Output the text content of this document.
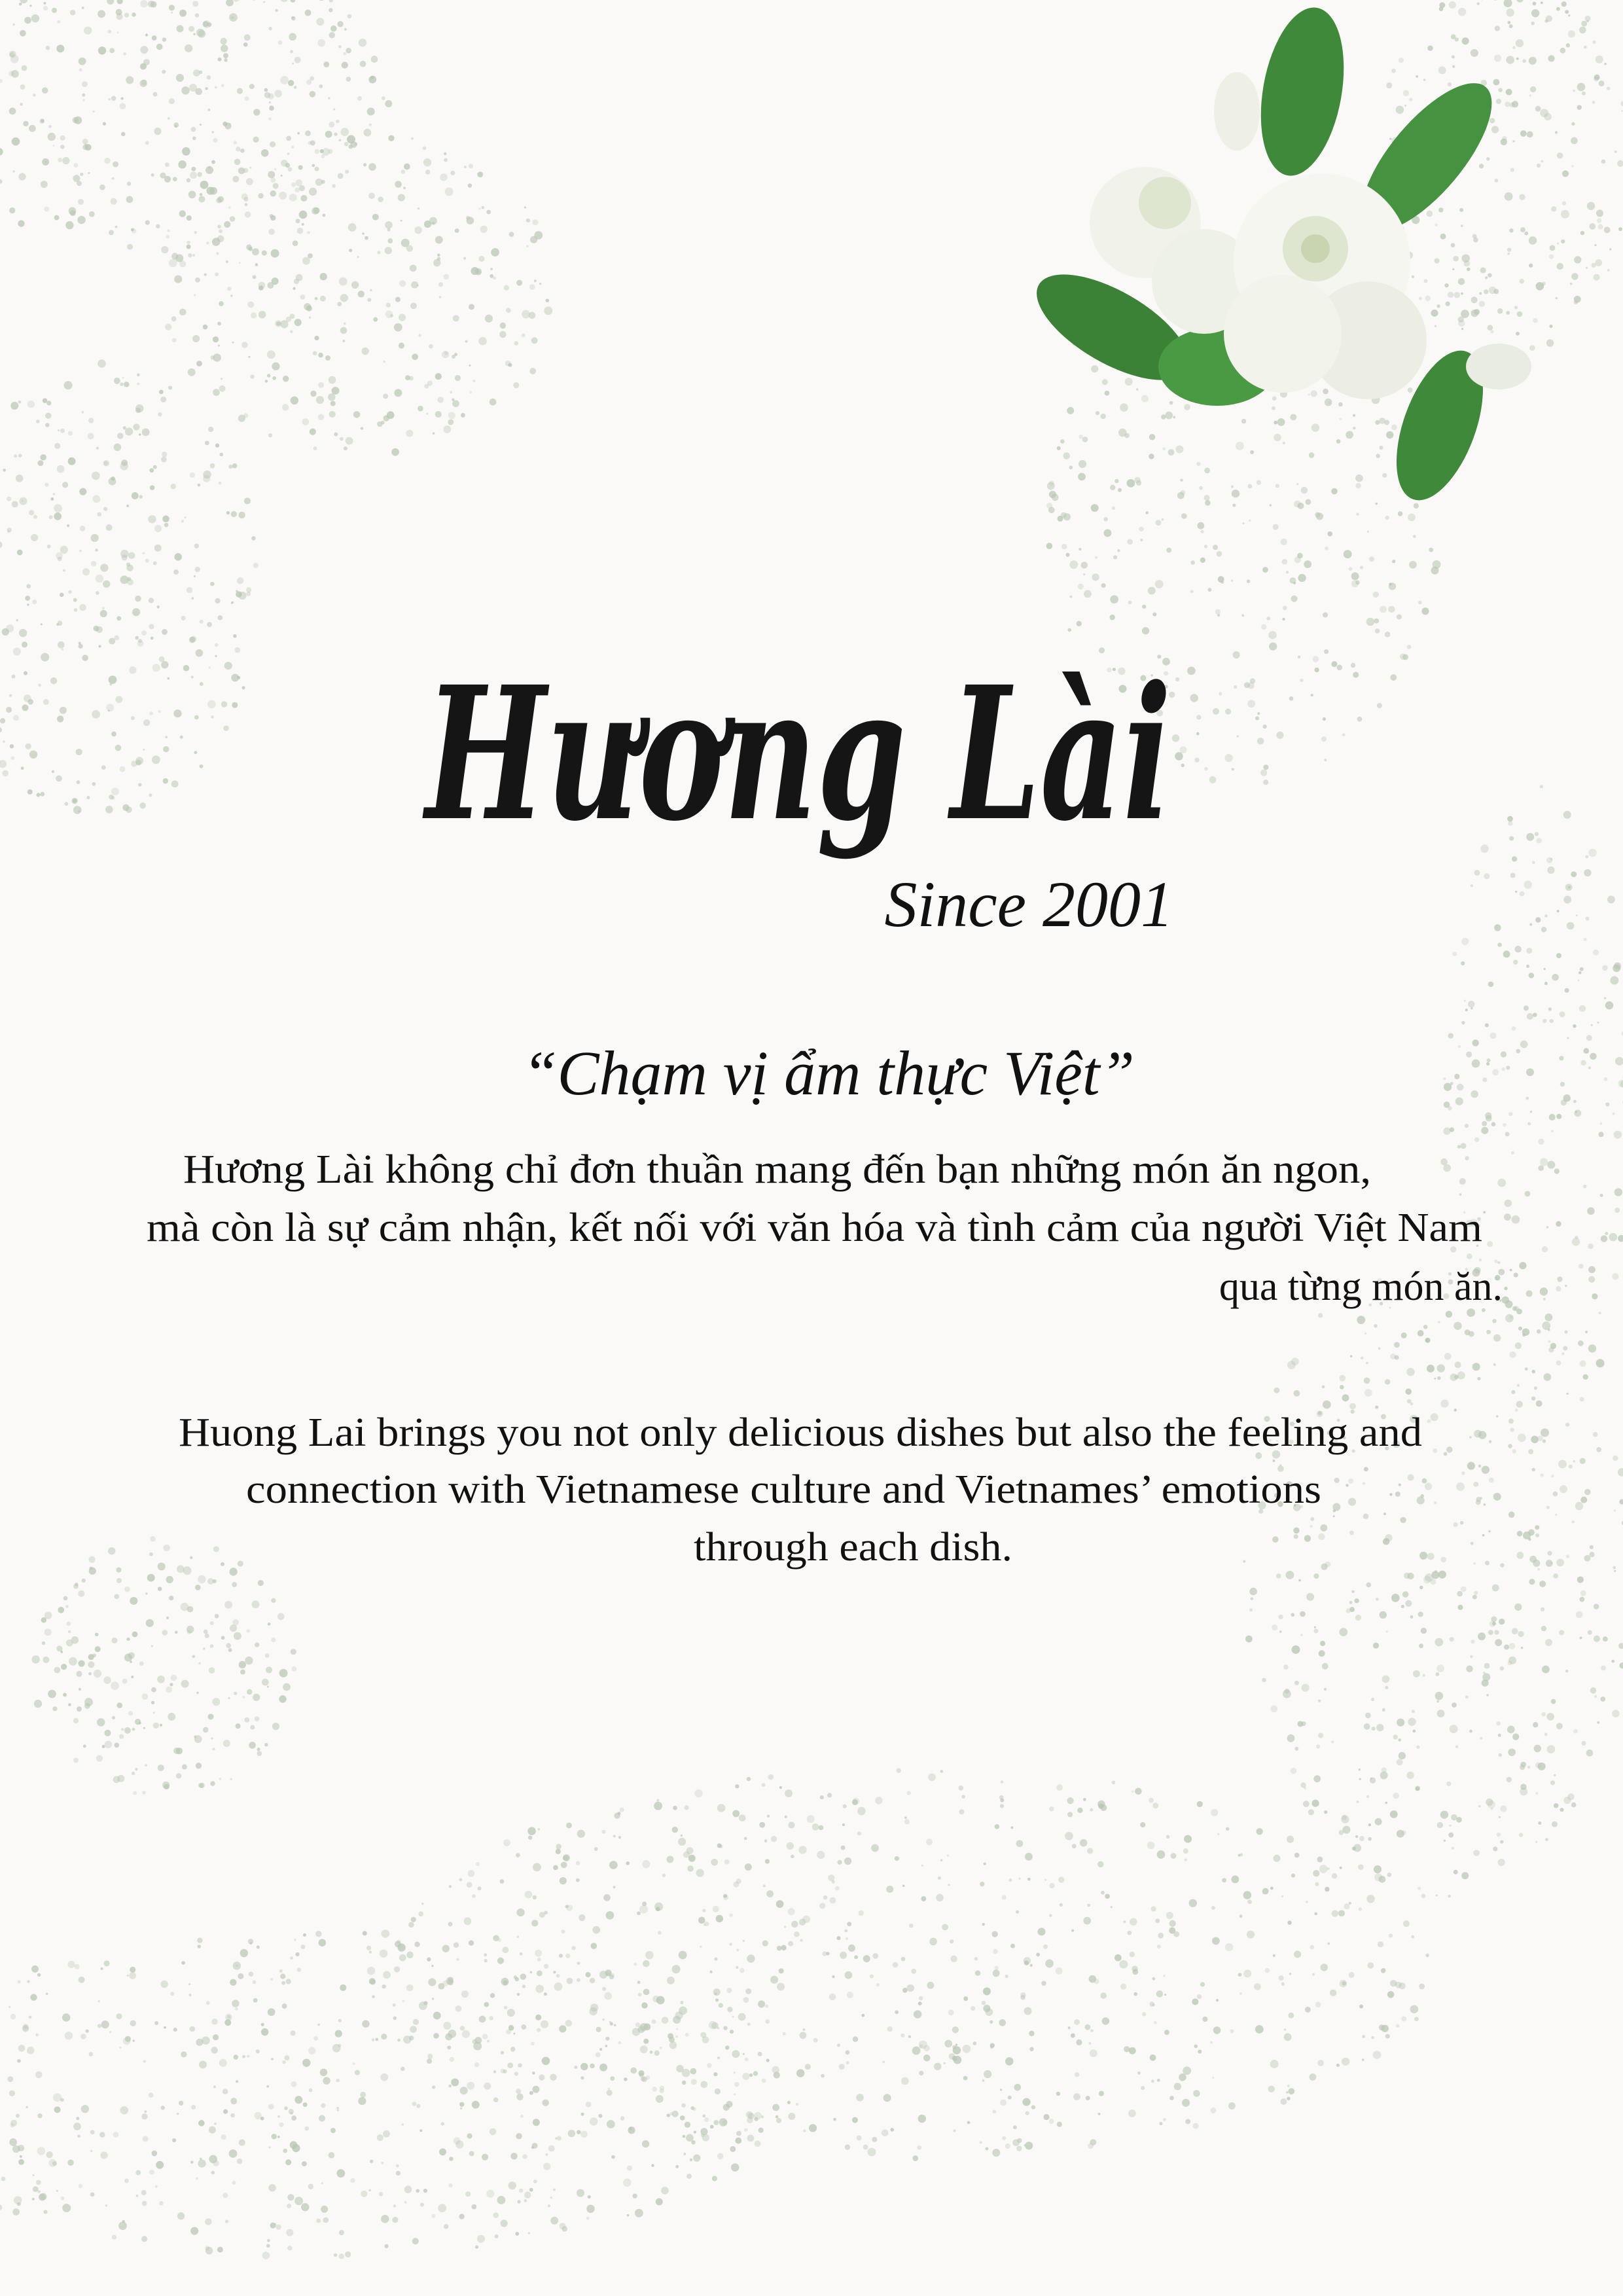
Hương Lài
Since 2001
“Chạm vị ẩm thực Việt”
Hương Lài không chỉ đơn thuần mang đến bạn những món ăn ngon,
mà còn là sự cảm nhận, kết nối với văn hóa và tình cảm của người Việt Nam
qua từng món ăn.
Huong Lai brings you not only delicious dishes but also the feeling and
connection with Vietnamese culture and Vietnames’ emotions
through each dish.
